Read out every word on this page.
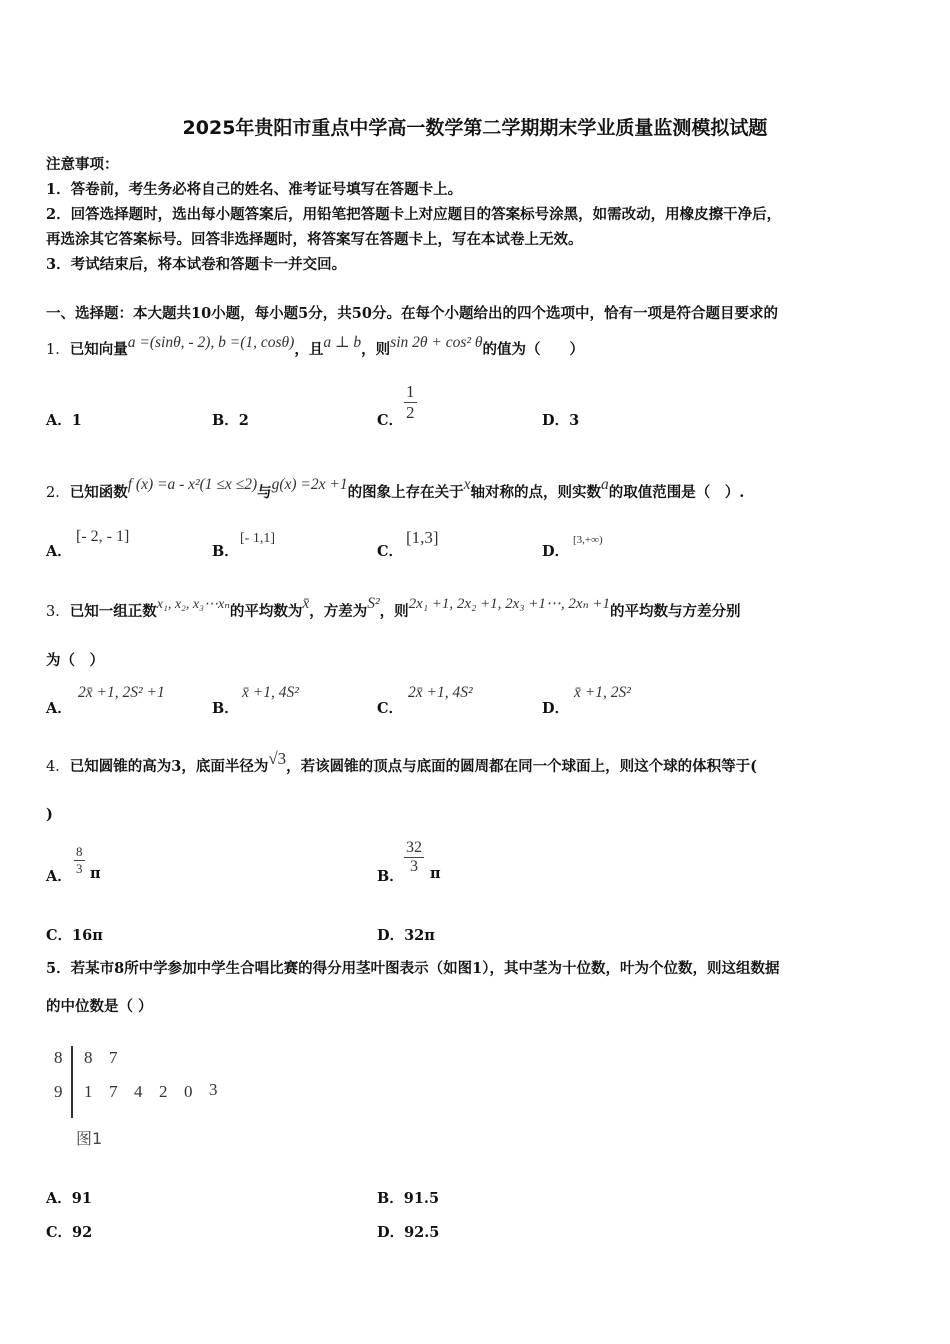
2025年贵阳市重点中学高一数学第二学期期末学业质量监测模拟试题
注意事项：
1．答卷前，考生务必将自己的姓名、准考证号填写在答题卡上。
2．回答选择题时，选出每小题答案后，用铅笔把答题卡上对应题目的答案标号涂黑，如需改动，用橡皮擦干净后，
再选涂其它答案标号。回答非选择题时，将答案写在答题卡上，写在本试卷上无效。
3．考试结束后，将本试卷和答题卡一并交回。
一、选择题：本大题共10小题，每小题5分，共50分。在每个小题给出的四个选项中，恰有一项是符合题目要求的
1．已知向量a =(sinθ, - 2), b =(1, cosθ)，且a ⊥ b，则sin 2θ + cos² θ的值为（　　）
A．1	B．2	C． $\frac{1}{2}$	D．3
2．已知函数f (x) =a - x²(1 ≤x ≤2)与g(x) =2x +1的图象上存在关于x轴对称的点，则实数a的取值范围是（　）.
A．
[- 2, - 1]
B．
[- 1,1]
C．
[1,3]
D．
[3,+∞)
3．已知一组正数x₁, x₂, x₃⋯xₙ的平均数为x̄，方差为S²，则2x₁ +1, 2x₂ +1, 2x₃ +1⋯, 2xₙ +1的平均数与方差分别
为（　）
A．
2x̄ +1, 2S² +1
B．
x̄ +1, 4S²
C．
2x̄ +1, 4S²
D．
x̄ +1, 2S²
4．已知圆锥的高为3，底面半径为√3，若该圆锥的顶点与底面的圆周都在同一个球面上，则这个球的体积等于(
)
A． $\frac{8}{3}$ π	B．
$\frac{32}{3}$ π
C．16π	D．32π
5．若某市8所中学参加中学生合唱比赛的得分用茎叶图表示（如图1），其中茎为十位数，叶为个位数，则这组数据
的中位数是（ ）
8 8 7
9 1 7 4 2 0 3
图1
A．91	B．91.5
C．92	D．92.5
